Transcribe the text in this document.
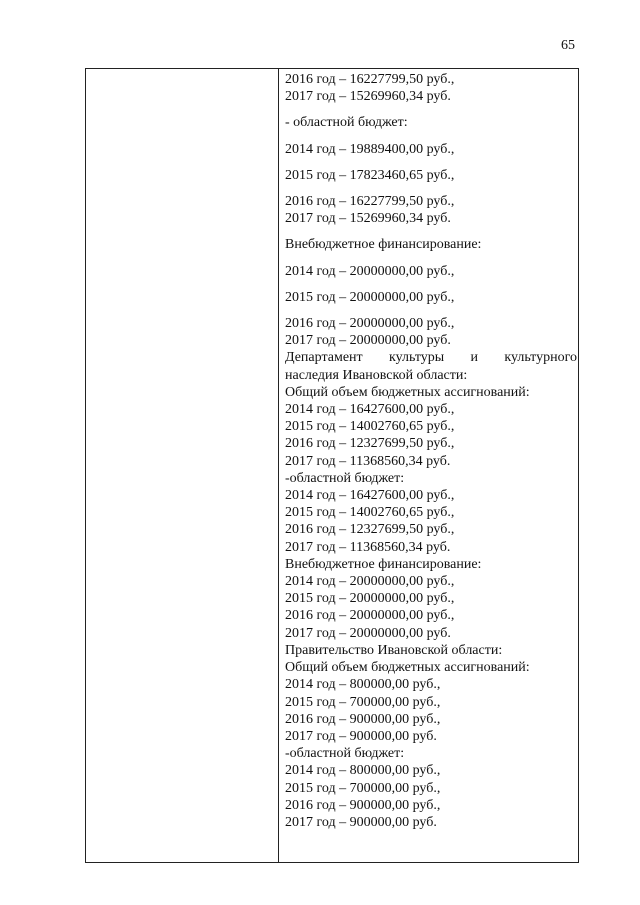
65
2016 год – 16227799,50 руб.,
2017 год – 15269960,34 руб.
- областной бюджет:
2014 год – 19889400,00 руб.,
2015 год – 17823460,65 руб.,
2016 год – 16227799,50 руб.,
2017 год – 15269960,34 руб.
Внебюджетное финансирование:
2014 год – 20000000,00 руб.,
2015 год – 20000000,00 руб.,
2016 год – 20000000,00 руб.,
2017 год – 20000000,00 руб.
Департамент культуры и культурного
наследия Ивановской области:
Общий объем бюджетных ассигнований:
2014 год – 16427600,00 руб.,
2015 год – 14002760,65 руб.,
2016 год – 12327699,50 руб.,
2017 год – 11368560,34 руб.
-областной бюджет:
2014 год – 16427600,00 руб.,
2015 год – 14002760,65 руб.,
2016 год – 12327699,50 руб.,
2017 год – 11368560,34 руб.
Внебюджетное финансирование:
2014 год – 20000000,00 руб.,
2015 год – 20000000,00 руб.,
2016 год – 20000000,00 руб.,
2017 год – 20000000,00 руб.
Правительство Ивановской области:
Общий объем бюджетных ассигнований:
2014 год – 800000,00 руб.,
2015 год – 700000,00 руб.,
2016 год – 900000,00 руб.,
2017 год – 900000,00 руб.
-областной бюджет:
2014 год – 800000,00 руб.,
2015 год – 700000,00 руб.,
2016 год – 900000,00 руб.,
2017 год – 900000,00 руб.
